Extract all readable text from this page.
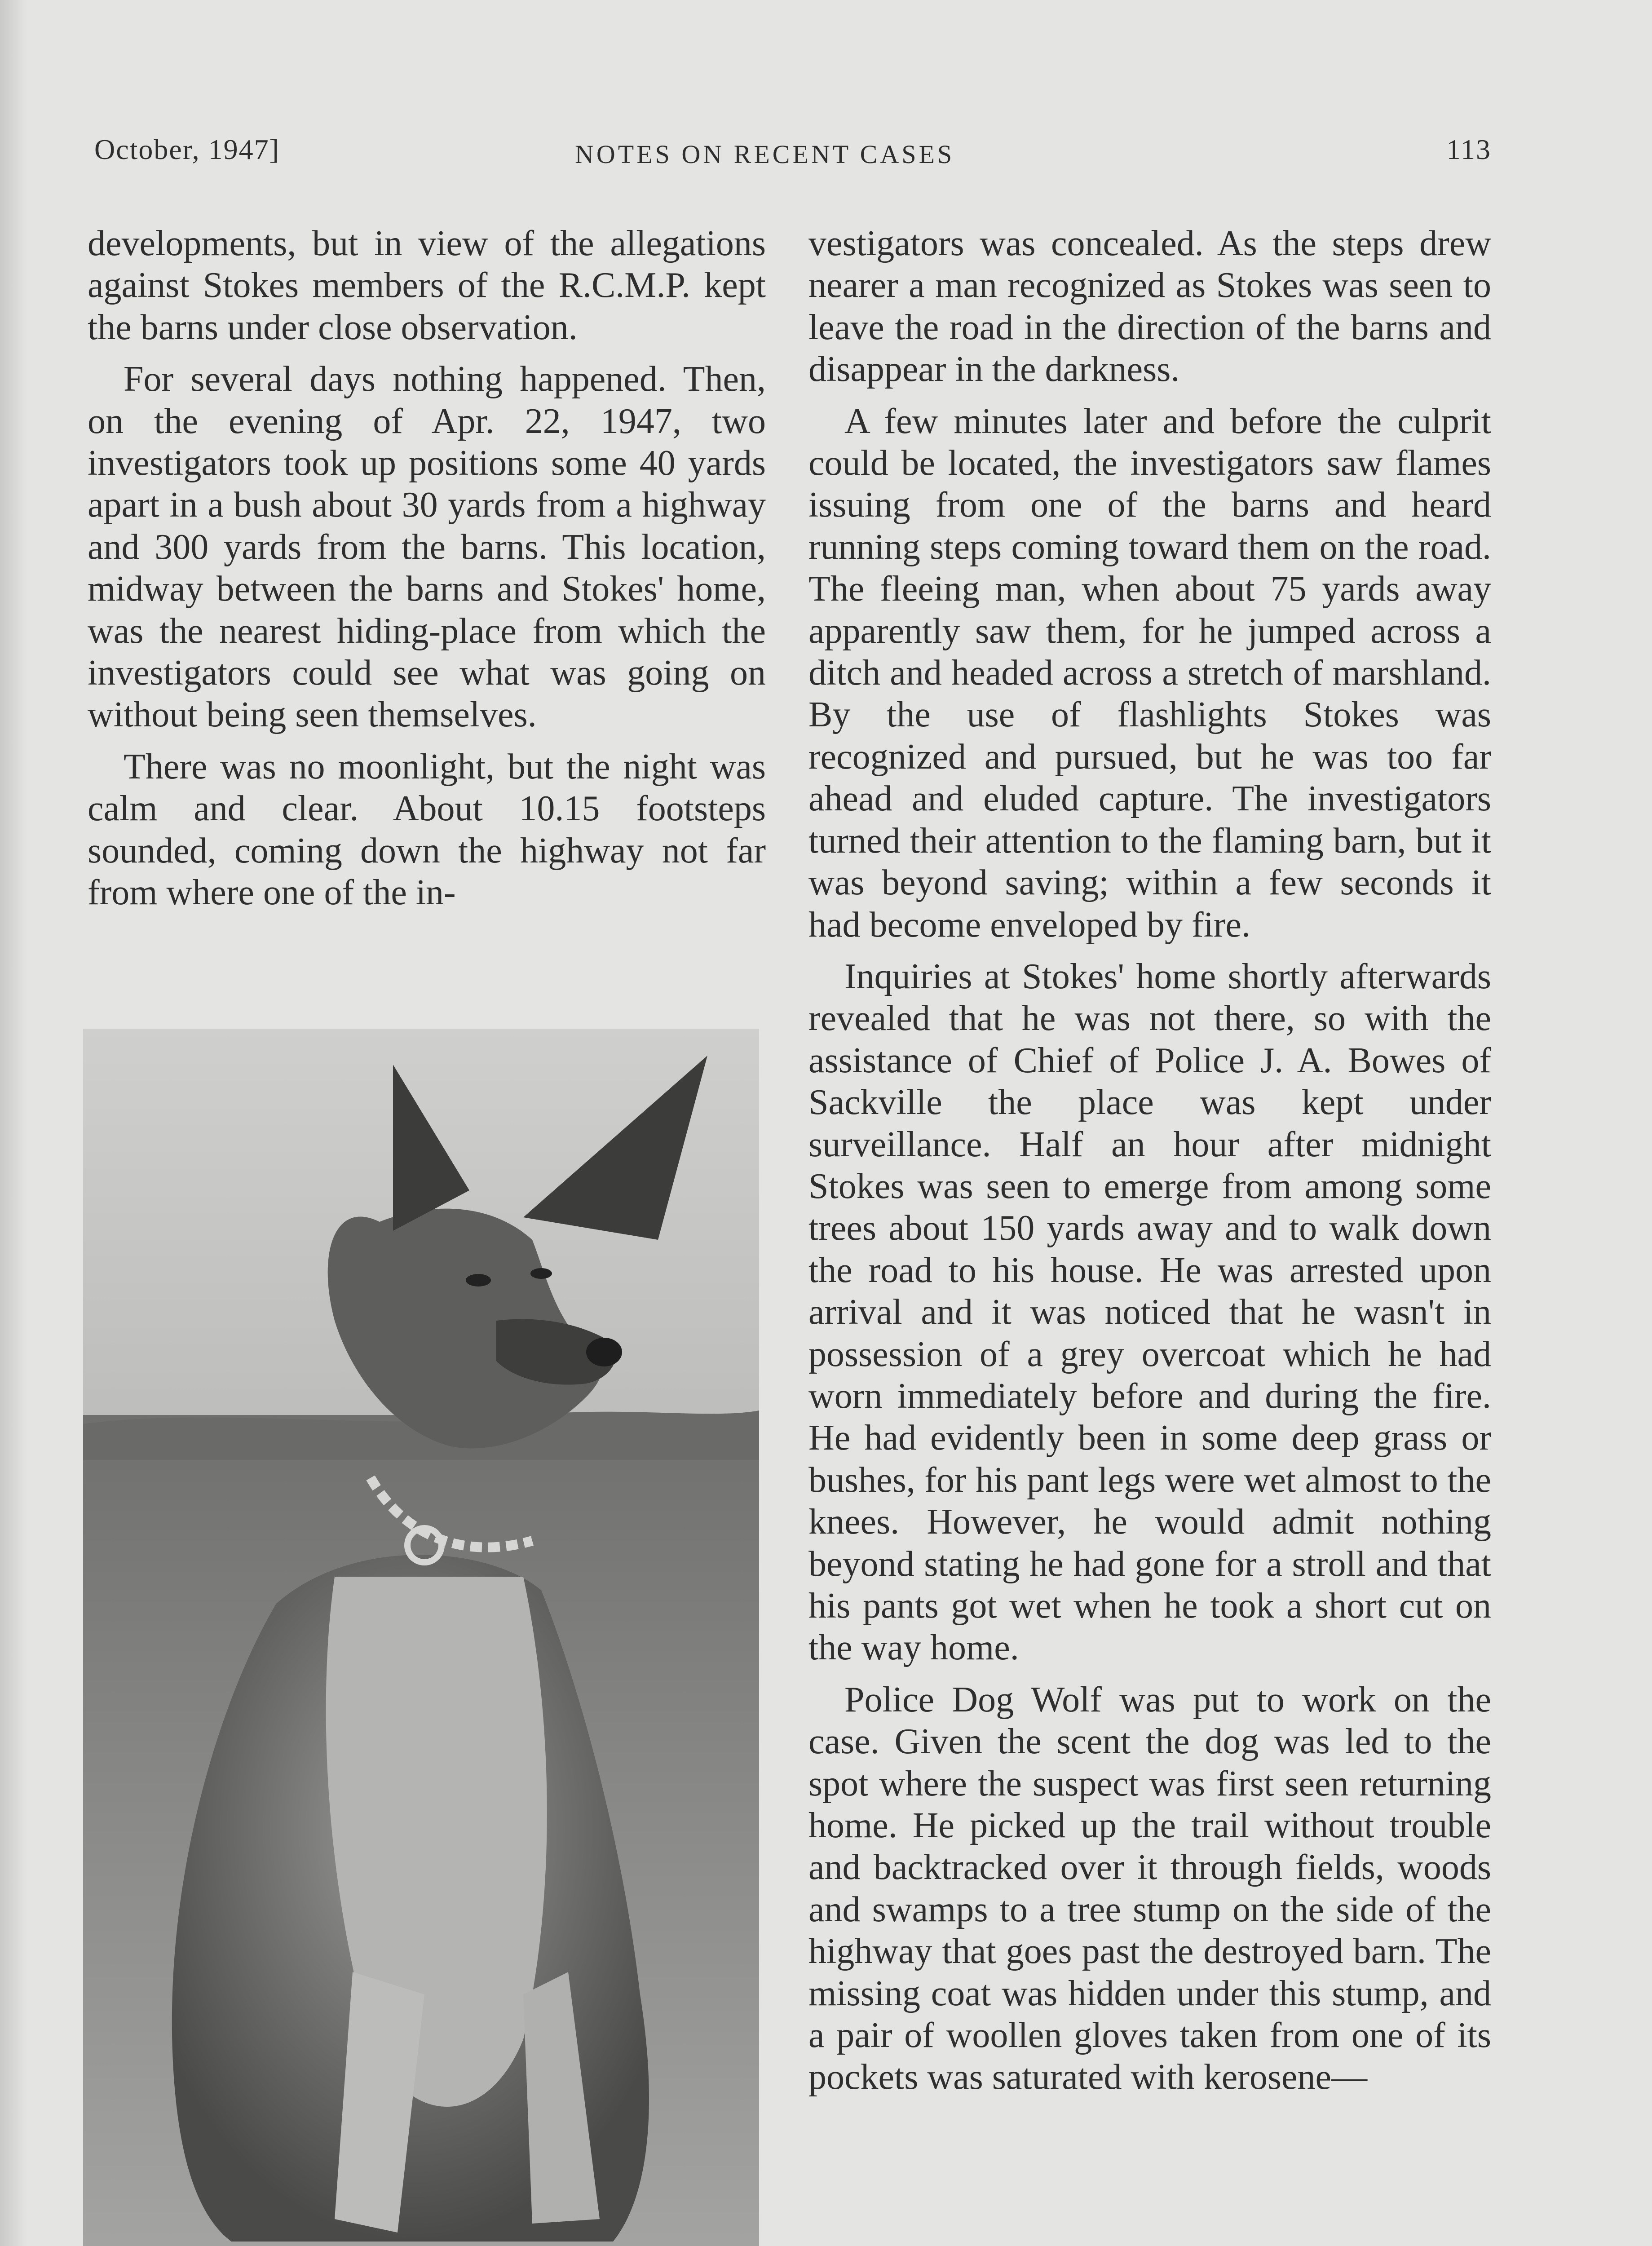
October, 1947]	NOTES ON RECENT CASES	113

developments, but in view of the allegations against Stokes members of the R.C.M.P. kept the barns under close observation.

For several days nothing happened. Then, on the evening of Apr. 22, 1947, two investigators took up positions some 40 yards apart in a bush about 30 yards from a highway and 300 yards from the barns. This location, midway between the barns and Stokes' home, was the nearest hiding-place from which the investigators could see what was going on without being seen themselves.

There was no moonlight, but the night was calm and clear. About 10.15 footsteps sounded, coming down the highway not far from where one of the in-

vestigators was concealed. As the steps drew nearer a man recognized as Stokes was seen to leave the road in the direction of the barns and disappear in the darkness.

A few minutes later and before the culprit could be located, the investigators saw flames issuing from one of the barns and heard running steps coming toward them on the road. The fleeing man, when about 75 yards away apparently saw them, for he jumped across a ditch and headed across a stretch of marshland. By the use of flashlights Stokes was recognized and pursued, but he was too far ahead and eluded capture. The investigators turned their attention to the flaming barn, but it was beyond saving; within a few seconds it had become enveloped by fire.

Inquiries at Stokes' home shortly afterwards revealed that he was not there, so with the assistance of Chief of Police J. A. Bowes of Sackville the place was kept under surveillance. Half an hour after midnight Stokes was seen to emerge from among some trees about 150 yards away and to walk down the road to his house. He was arrested upon arrival and it was noticed that he wasn't in possession of a grey overcoat which he had worn immediately before and during the fire. He had evidently been in some deep grass or bushes, for his pant legs were wet almost to the knees. However, he would admit nothing beyond stating he had gone for a stroll and that his pants got wet when he took a short cut on the way home.

Police Dog Wolf was put to work on the case. Given the scent the dog was led to the spot where the suspect was first seen returning home. He picked up the trail without trouble and backtracked over it through fields, woods and swamps to a tree stump on the side of the highway that goes past the destroyed barn. The missing coat was hidden under this stump, and a pair of woollen gloves taken from one of its pockets was saturated with kerosene—
